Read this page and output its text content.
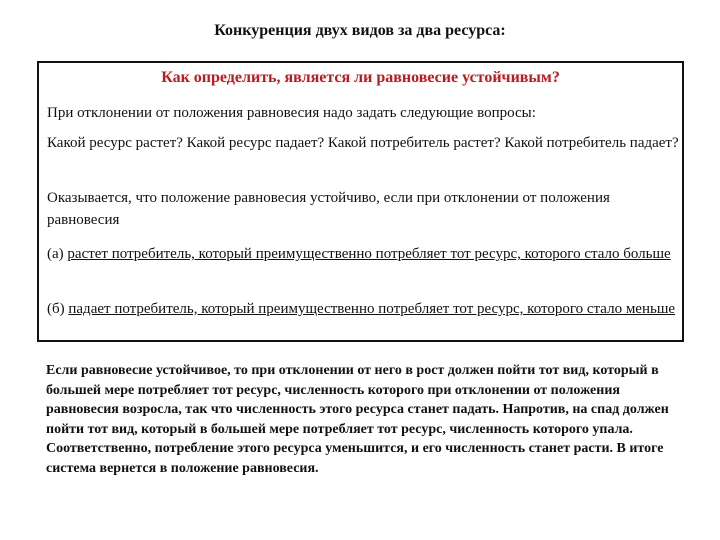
Конкуренция двух видов за два ресурса:
Как определить, является ли равновесие устойчивым?
При отклонении от положения равновесия надо задать следующие вопросы:
Какой ресурс растет? Какой ресурс падает? Какой потребитель растет? Какой потребитель падает?
Оказывается, что положение равновесия устойчиво, если при отклонении от положения равновесия
(а) растет потребитель, который преимущественно потребляет тот ресурс, которого стало больше
(б) падает потребитель, который преимущественно потребляет тот ресурс, которого стало меньше
Если равновесие устойчивое, то при отклонении от него в рост должен пойти тот вид, который в большей мере потребляет тот ресурс, численность которого при отклонении от положения равновесия возросла, так что численность этого ресурса станет падать. Напротив, на спад должен пойти тот вид, который в большей мере потребляет тот ресурс, численность которого упала. Соответственно, потребление этого ресурса уменьшится, и его численность станет расти. В итоге система вернется в положение равновесия.
